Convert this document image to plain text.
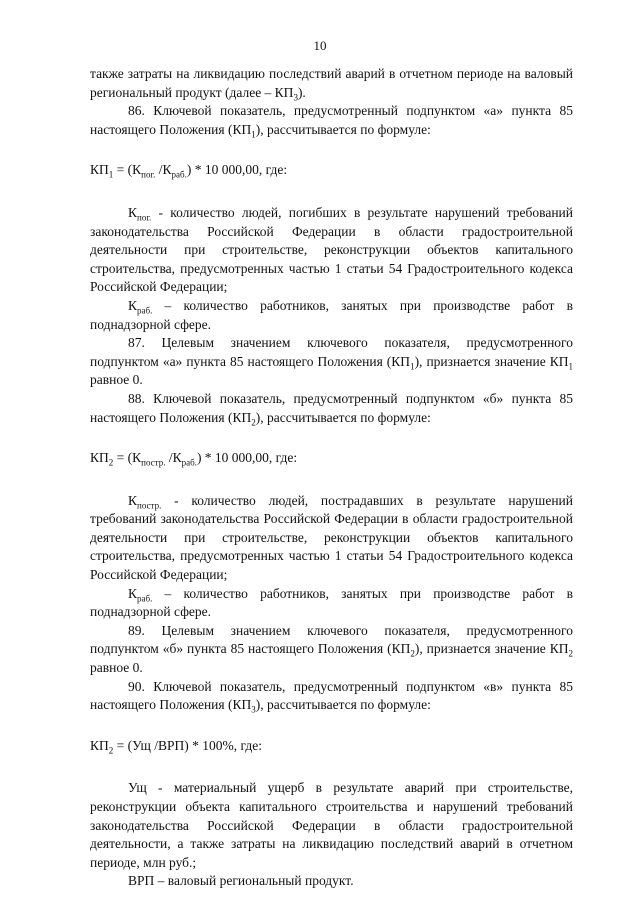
10

также затраты на ликвидацию последствий аварий в отчетном периоде на валовый региональный продукт (далее – $КП_3$).

86. Ключевой показатель, предусмотренный подпунктом «а» пункта 85 настоящего Положения $(КП_1)$, рассчитывается по формуле:

$КП_1 = (К_{пог.}$ $/К_{раб.}) * 10$ 000,00, где:

$К_{пог.}$ - количество людей, погибших в результате нарушений требований законодательства Российской Федерации в области градостроительной деятельности при строительстве, реконструкции объектов капитального строительства, предусмотренных частью 1 статьи 54 Градостроительного кодекса Российской Федерации;

$К_{раб.}$ – количество работников, занятых при производстве работ в поднадзорной сфере.

87. Целевым значением ключевого показателя, предусмотренного подпунктом «а» пункта 85 настоящего Положения $(КП_1)$, признается значение $КП_1$ равное 0.

88. Ключевой показатель, предусмотренный подпунктом «б» пункта 85 настоящего Положения $(КП_2)$, рассчитывается по формуле:

$КП_2 = (К_{постр.}$ $/К_{раб.}) * 10$ 000,00, где:

$К_{постр.}$ - количество людей, пострадавших в результате нарушений требований законодательства Российской Федерации в области градостроительной деятельности при строительстве, реконструкции объектов капитального строительства, предусмотренных частью 1 статьи 54 Градостроительного кодекса Российской Федерации;

$К_{раб.}$ – количество работников, занятых при производстве работ в поднадзорной сфере.

89. Целевым значением ключевого показателя, предусмотренного подпунктом «б» пункта 85 настоящего Положения $(КП_2)$, признается значение $КП_2$ равное 0.

90. Ключевой показатель, предусмотренный подпунктом «в» пункта 85 настоящего Положения $(КП_3)$, рассчитывается по формуле:

$КП_2 = (Ущ$ /ВРП) * 100%, где:

Ущ - материальный ущерб в результате аварий при строительстве, реконструкции объекта капитального строительства и нарушений требований законодательства Российской Федерации в области градостроительной деятельности, а также затраты на ликвидацию последствий аварий в отчетном периоде, млн руб.;

ВРП – валовый региональный продукт.
